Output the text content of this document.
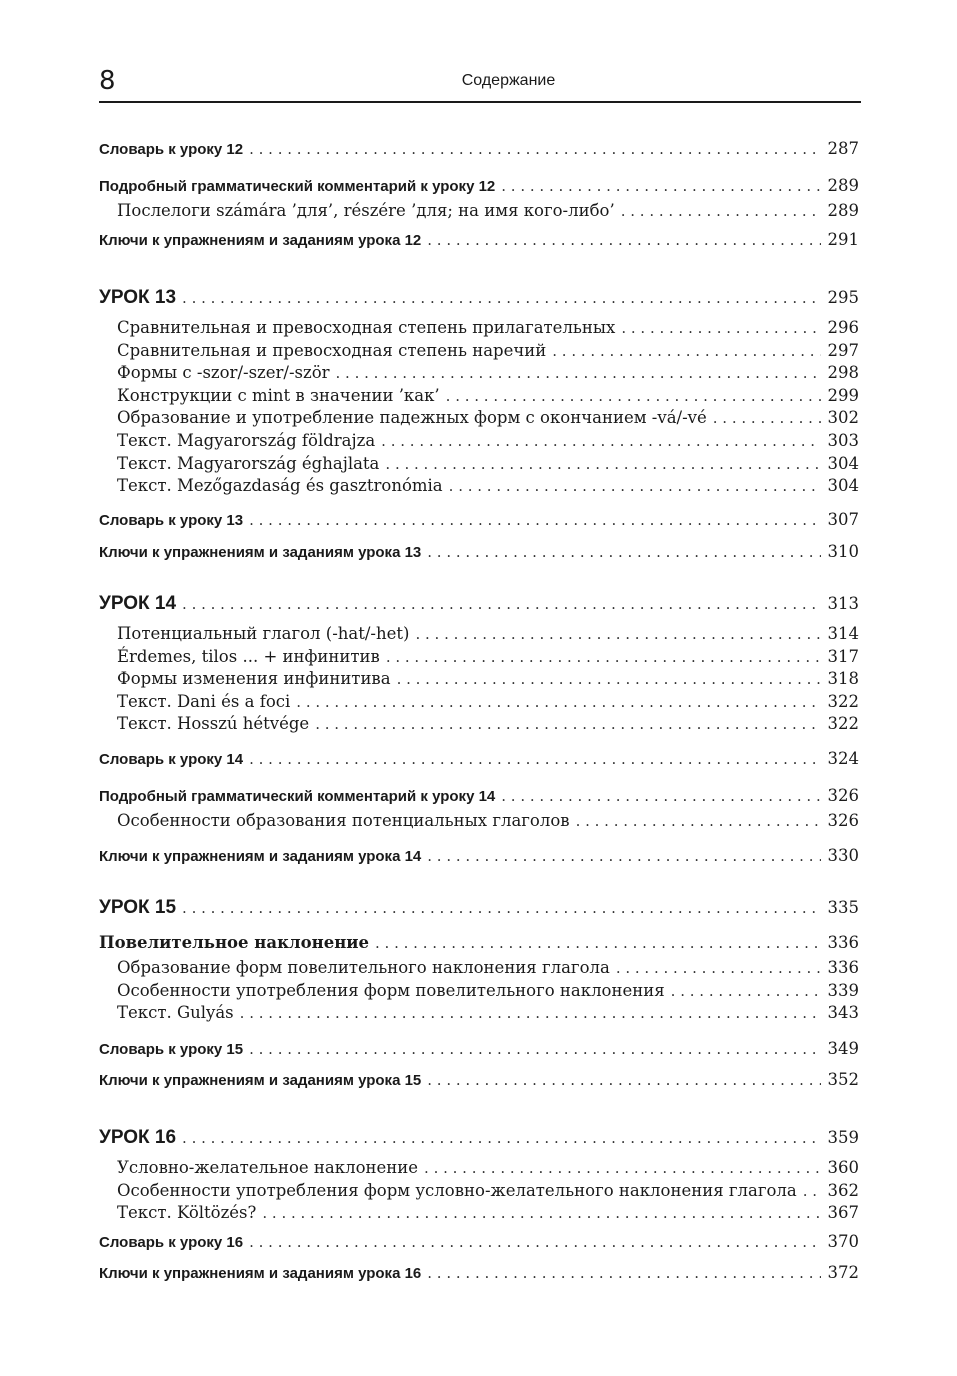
8	Содержание
Словарь к уроку 12 . . .	287
Подробный грамматический комментарий к уроку 12 . . .	289
Послелоги számára ’для’, részére ’для; на имя кого-либо’ . . .	289
Ключи к упражнениям и заданиям урока 12 . . .	291
УРОК 13 . . .	295
Сравнительная и превосходная степень прилагательных . . .	296
Сравнительная и превосходная степень наречий . . .	297
Формы с -szor/-szer/-ször . . .	298
Конструкции с mint в значении ’как’ . . .	299
Образование и употребление падежных форм с окончанием -vá/-vé . . .	302
Текст. Magyarország földrajza . . .	303
Текст. Magyarország éghajlata . . .	304
Текст. Mezőgazdaság és gasztronómia . . .	304
Словарь к уроку 13 . . .	307
Ключи к упражнениям и заданиям урока 13 . . .	310
УРОК 14 . . .	313
Потенциальный глагол (-hat/-het) . . .	314
Érdemes, tilos ... + инфинитив . . .	317
Формы изменения инфинитива . . .	318
Текст. Dani és a foci . . .	322
Текст. Hosszú hétvége . . .	322
Словарь к уроку 14 . . .	324
Подробный грамматический комментарий к уроку 14 . . .	326
Особенности образования потенциальных глаголов . . .	326
Ключи к упражнениям и заданиям урока 14 . . .	330
УРОК 15 . . .	335
Повелительное наклонение . . .	336
Образование форм повелительного наклонения глагола . . .	336
Особенности употребления форм повелительного наклонения . . .	339
Текст. Gulyás . . .	343
Словарь к уроку 15 . . .	349
Ключи к упражнениям и заданиям урока 15 . . .	352
УРОК 16 . . .	359
Условно-желательное наклонение . . .	360
Особенности употребления форм условно-желательного наклонения глагола . . . 362
Текст. Költözés? . . .	367
Словарь к уроку 16 . . .	370
Ключи к упражнениям и заданиям урока 16 . . .	372
